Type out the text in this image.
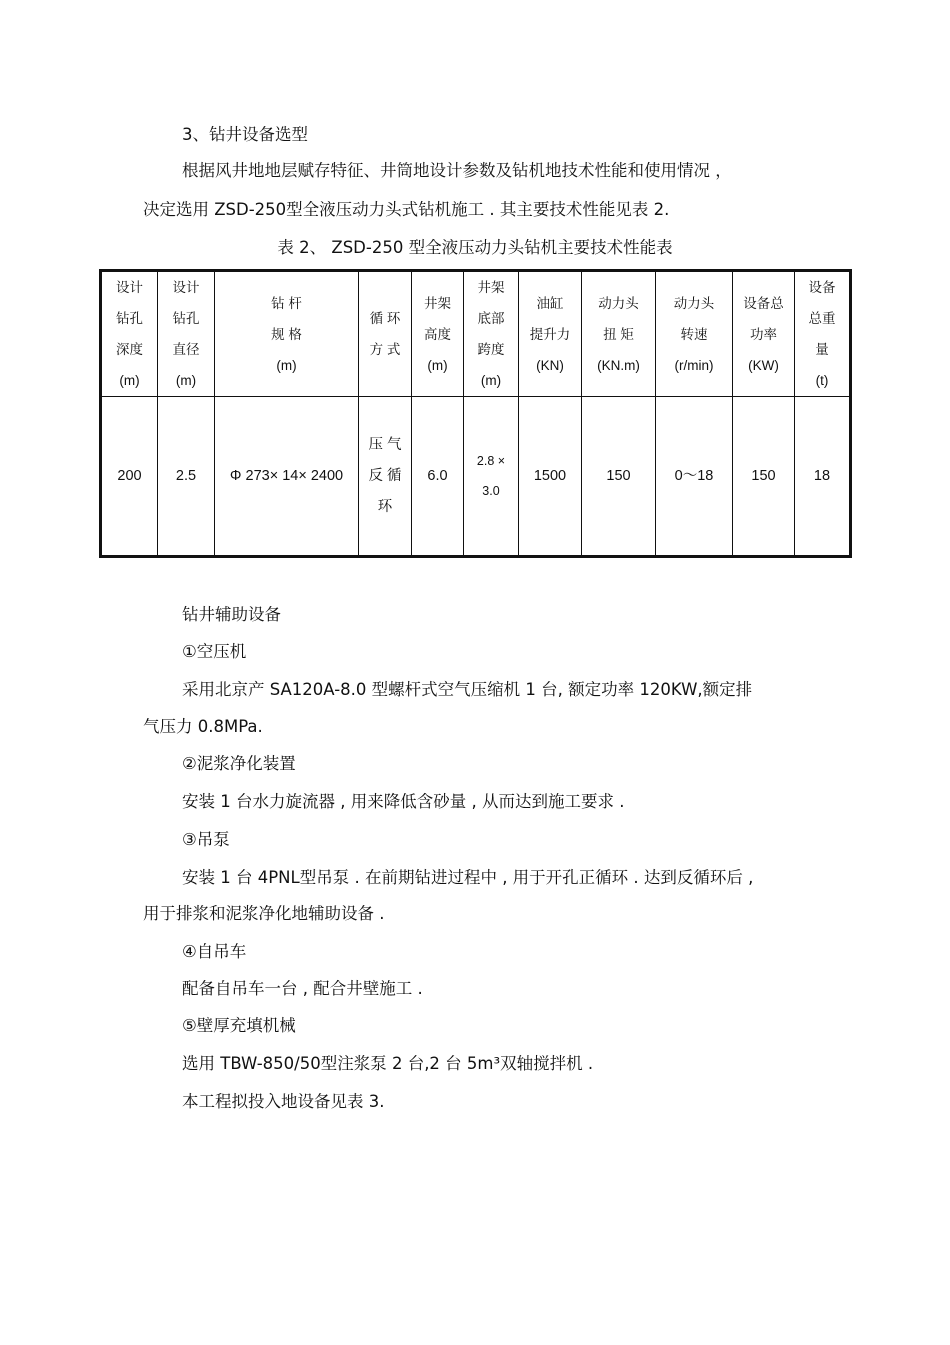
3、钻井设备选型
根据风井地地层赋存特征、井筒地设计参数及钻机地技术性能和使用情况 ，
决定选用 ZSD-250型全液压动力头式钻机施工 . 其主要技术性能见表 2.
表 2、 ZSD-250 型全液压动力头钻机主要技术性能表
设计
钻孔
深度
(m)	设计
钻孔
直径
(m)	钻 杆
规 格
(m)	循 环
方 式	井架
高度
(m)	井架
底部
跨度
(m)	油缸
提升力
(KN)	动力头
扭 矩
(KN.m)	动力头
转速
(r/min)	设备总
功率
(KW)	设备
总重
量
(t)

200	2.5	Φ 273× 14× 2400	压 气
反 循
环	6.0	2.8 ×
3.0	1500	150	0～18	150	18
钻井辅助设备
①空压机
采用北京产 SA120A-8.0 型螺杆式空气压缩机 1 台, 额定功率 120KW,额定排
气压力 0.8MPa.
②泥浆净化装置
安装 1 台水力旋流器 , 用来降低含砂量 , 从而达到施工要求 .
③吊泵
安装 1 台 4PNL型吊泵 . 在前期钻进过程中 , 用于开孔正循环 . 达到反循环后 ,
用于排浆和泥浆净化地辅助设备 .
④自吊车
配备自吊车一台 , 配合井壁施工 .
⑤壁厚充填机械
选用 TBW-850/50型注浆泵 2 台,2 台 5m³双轴搅拌机 .
本工程拟投入地设备见表 3.
